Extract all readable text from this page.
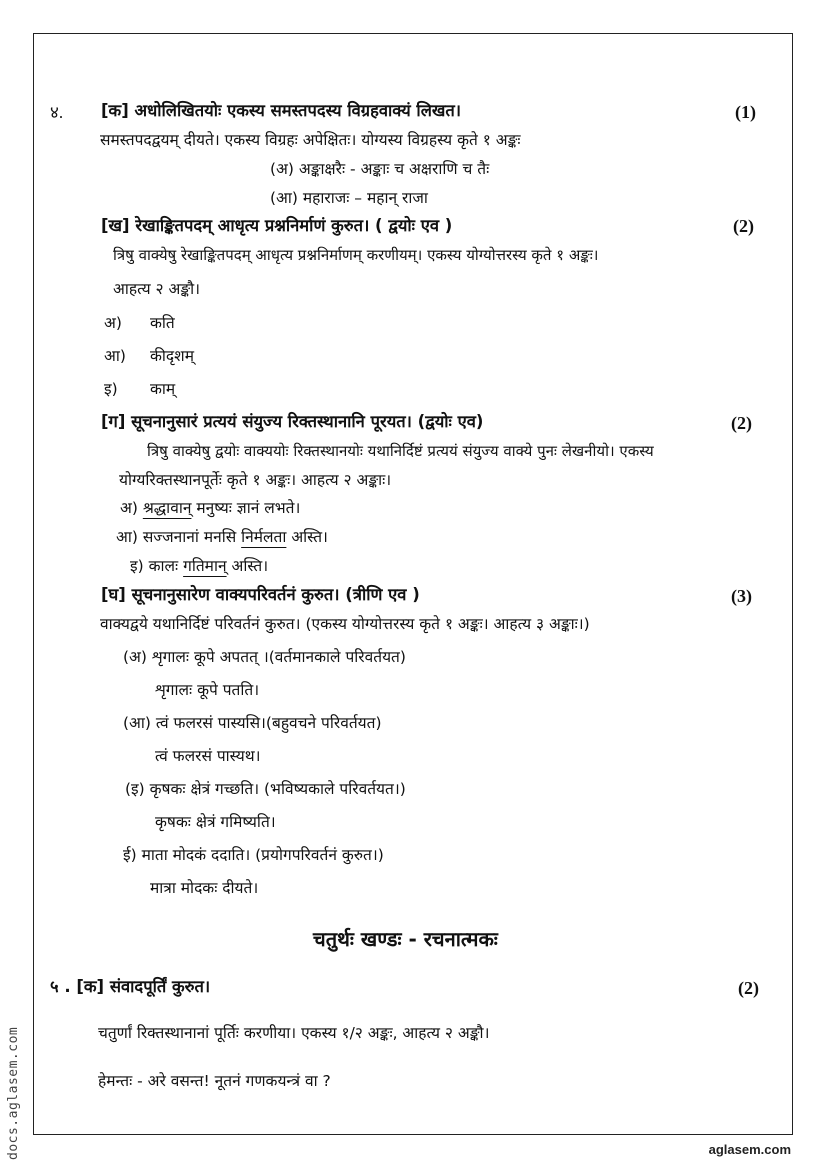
४. [क] अधोलिखितयोः एकस्य समस्तपदस्य विग्रहवाक्यं लिखत।	(1)
समस्तपदद्वयम् दीयते। एकस्य विग्रहः अपेक्षितः। योग्यस्य विग्रहस्य कृते १ अङ्कः
(अ) अङ्काक्षरैः - अङ्काः च अक्षराणि च तैः
(आ) महाराजः – महान् राजा
[ख] रेखाङ्कितपदम् आधृत्य प्रश्ननिर्माणं कुरुत। ( द्वयोः एव )	(2)
त्रिषु वाक्येषु रेखाङ्कितपदम् आधृत्य प्रश्ननिर्माणम् करणीयम्। एकस्य योग्योत्तरस्य कृते १ अङ्कः।
आहत्य २ अङ्कौ।
अ) कति
आ) कीदृशम्
इ) काम्
[ग] सूचनानुसारं प्रत्ययं संयुज्य रिक्तस्थानानि पूरयत। (द्वयोः एव)	(2)
त्रिषु वाक्येषु द्वयोः वाक्ययोः रिक्तस्थानयोः यथानिर्दिष्टं प्रत्ययं संयुज्य वाक्ये पुनः लेखनीयो। एकस्य
योग्यरिक्तस्थानपूर्तेः कृते १ अङ्कः। आहत्य २ अङ्काः।
अ) श्रद्धावान् मनुष्यः ज्ञानं लभते।
आ) सज्जनानां मनसि निर्मलता अस्ति।
इ) कालः गतिमान् अस्ति।
[घ] सूचनानुसारेण वाक्यपरिवर्तनं कुरुत। (त्रीणि एव )	(3)
वाक्यद्वये यथानिर्दिष्टं परिवर्तनं कुरुत। (एकस्य योग्योत्तरस्य कृते १ अङ्कः। आहत्य ३ अङ्काः।)
(अ) शृगालः कूपे अपतत् ।(वर्तमानकाले परिवर्तयत)
शृगालः कूपे पतति।
(आ) त्वं फलरसं पास्यसि।(बहुवचने परिवर्तयत)
त्वं फलरसं पास्यथ।
(इ) कृषकः क्षेत्रं गच्छति। (भविष्यकाले परिवर्तयत।)
कृषकः क्षेत्रं गमिष्यति।
ई) माता मोदकं ददाति। (प्रयोगपरिवर्तनं कुरुत।)
मात्रा मोदकः दीयते।
चतुर्थः खण्डः - रचनात्मकः
५ . [क] संवादपूर्तिं कुरुत।	(2)
चतुर्णां रिक्तस्थानानां पूर्तिः करणीया। एकस्य १/२ अङ्कः, आहत्य २ अङ्कौ।
हेमन्तः - अरे वसन्त! नूतनं गणकयन्त्रं वा ?
docs.aglasem.com	aglasem.com
